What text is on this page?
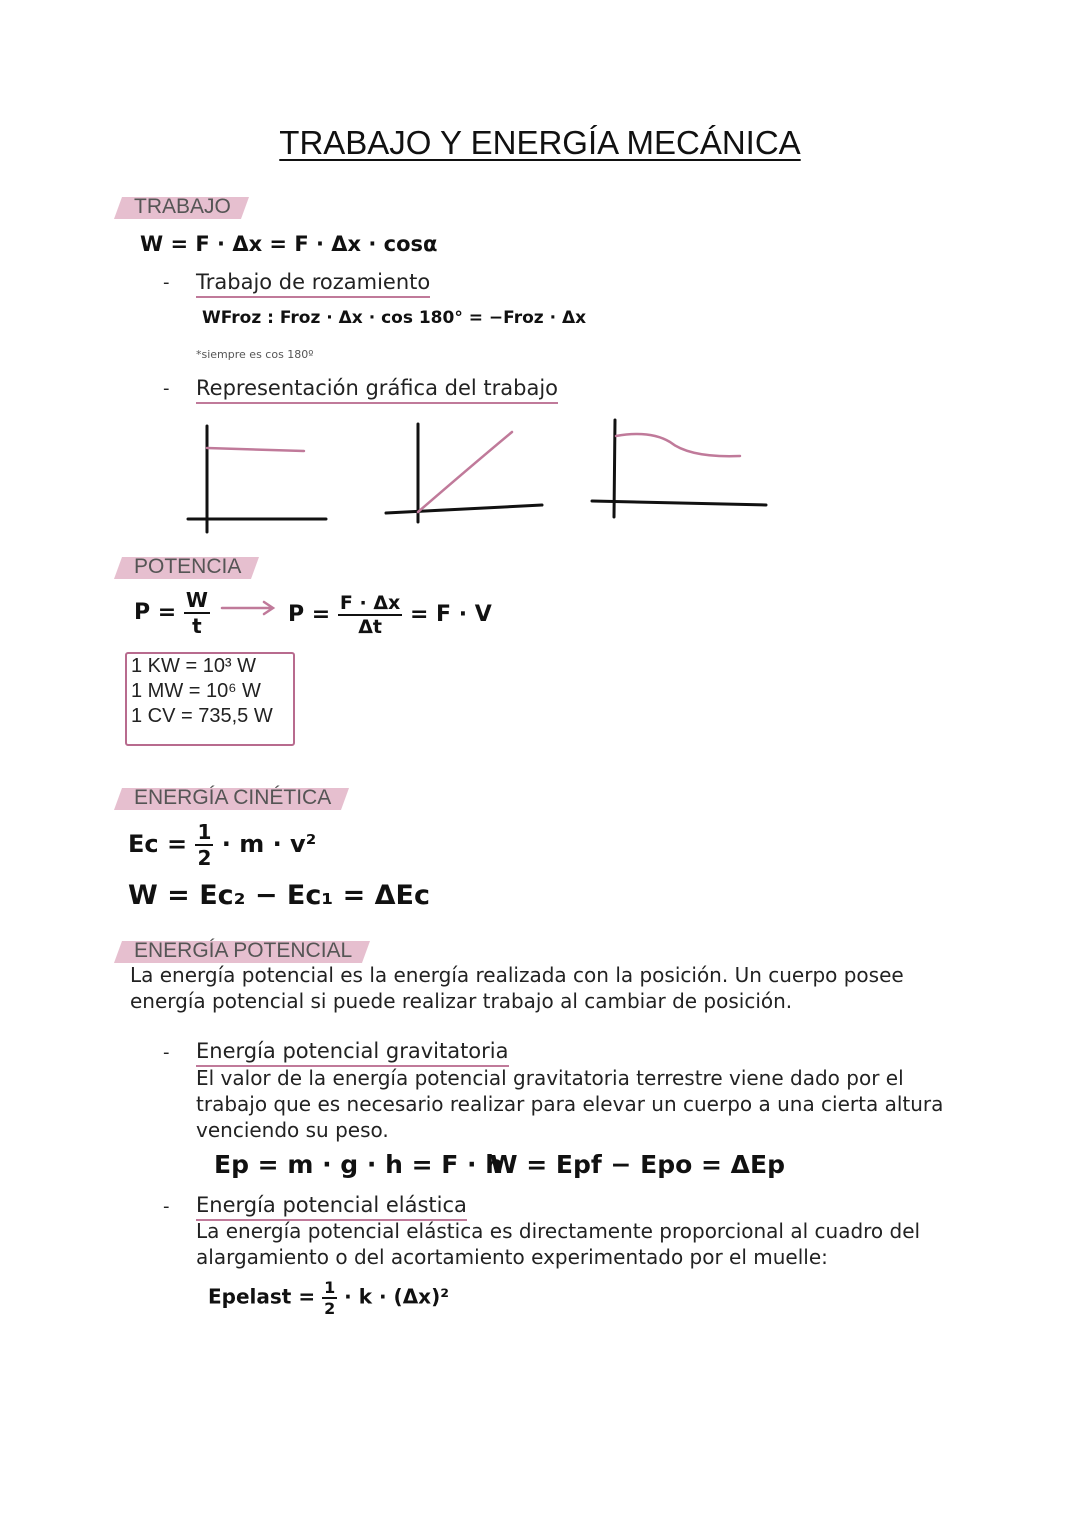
TRABAJO Y ENERGÍA MECÁNICA
TRABAJO
W = F · Δx = F · Δx · cosα
- Trabajo de rozamiento
WFroz : Froz · Δx · cos 180° = −Froz · Δx
*siempre es cos 180º
- Representación gráfica del trabajo
POTENCIA
$P = \frac{W}{t}$	$P = \frac{F \cdot \Delta x}{\Delta t} = F \cdot V$
1 KW = 10³ W
1 MW = 10⁶ W
1 CV = 735,5 W
ENERGÍA CINÉTICA
$Ec = \frac{1}{2} \cdot m \cdot v^2$
W = Ec₂ − Ec₁ = ΔEc
ENERGÍA POTENCIAL
La energía potencial es la energía realizada con la posición. Un cuerpo posee energía potencial si puede realizar trabajo al cambiar de posición.
- Energía potencial gravitatoria
El valor de la energía potencial gravitatoria terrestre viene dado por el trabajo que es necesario realizar para elevar un cuerpo a una cierta altura venciendo su peso.
Ep = m · g · h = F · h
W = Epf − Epo = ΔEp
- Energía potencial elástica
La energía potencial elástica es directamente proporcional al cuadro del alargamiento o del acortamiento experimentado por el muelle:
Epelast = $\frac{1}{2} \cdot k \cdot (\Delta x)^2$
